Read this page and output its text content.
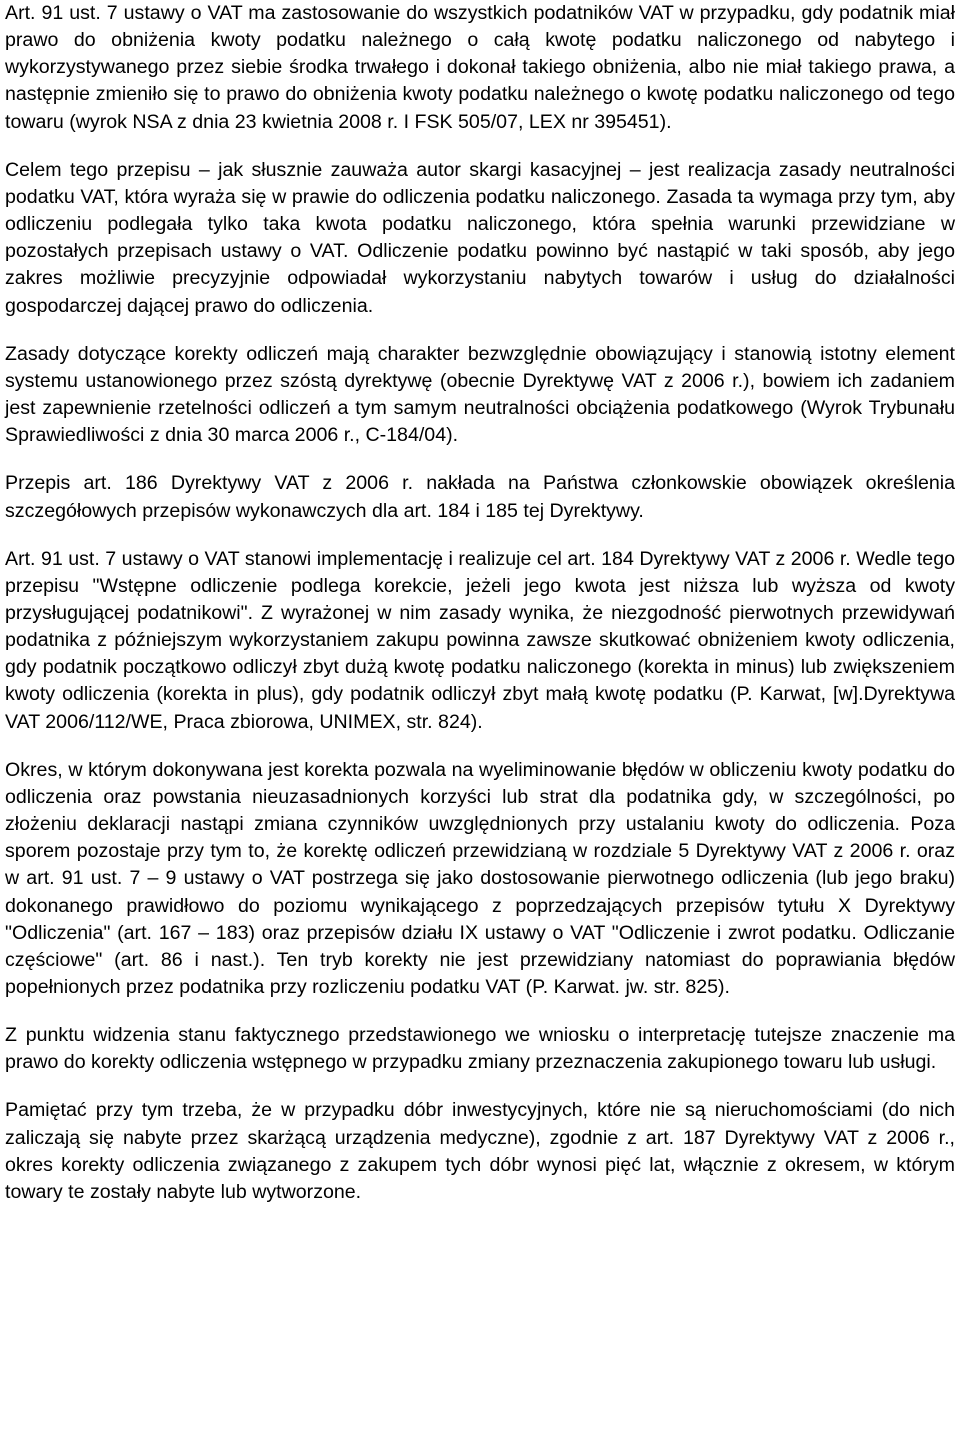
Art. 91 ust. 7 ustawy o VAT ma zastosowanie do wszystkich podatników VAT w przypadku, gdy podatnik miał prawo do obniżenia kwoty podatku należnego o całą kwotę podatku naliczonego od nabytego i wykorzystywanego przez siebie środka trwałego i dokonał takiego obniżenia, albo nie miał takiego prawa, a następnie zmieniło się to prawo do obniżenia kwoty podatku należnego o kwotę podatku naliczonego od tego towaru (wyrok NSA z dnia 23 kwietnia 2008 r. I FSK 505/07, LEX nr 395451).

Celem tego przepisu – jak słusznie zauważa autor skargi kasacyjnej – jest realizacja zasady neutralności podatku VAT, która wyraża się w prawie do odliczenia podatku naliczonego. Zasada ta wymaga przy tym, aby odliczeniu podlegała tylko taka kwota podatku naliczonego, która spełnia warunki przewidziane w pozostałych przepisach ustawy o VAT. Odliczenie podatku powinno być nastąpić w taki sposób, aby jego zakres możliwie precyzyjnie odpowiadał wykorzystaniu nabytych towarów i usług do działalności gospodarczej dającej prawo do odliczenia.

Zasady dotyczące korekty odliczeń mają charakter bezwzględnie obowiązujący i stanowią istotny element systemu ustanowionego przez szóstą dyrektywę (obecnie Dyrektywę VAT z 2006 r.), bowiem ich zadaniem jest zapewnienie rzetelności odliczeń a tym samym neutralności obciążenia podatkowego (Wyrok Trybunału Sprawiedliwości z dnia 30 marca 2006 r., C-184/04).

Przepis art. 186 Dyrektywy VAT z 2006 r. nakłada na Państwa członkowskie obowiązek określenia szczegółowych przepisów wykonawczych dla art. 184 i 185 tej Dyrektywy.

Art. 91 ust. 7 ustawy o VAT stanowi implementację i realizuje cel art. 184 Dyrektywy VAT z 2006 r. Wedle tego przepisu "Wstępne odliczenie podlega korekcie, jeżeli jego kwota jest niższa lub wyższa od kwoty przysługującej podatnikowi". Z wyrażonej w nim zasady wynika, że niezgodność pierwotnych przewidywań podatnika z późniejszym wykorzystaniem zakupu powinna zawsze skutkować obniżeniem kwoty odliczenia, gdy podatnik początkowo odliczył zbyt dużą kwotę podatku naliczonego (korekta in minus) lub zwiększeniem kwoty odliczenia (korekta in plus), gdy podatnik odliczył zbyt małą kwotę podatku (P. Karwat, [w].Dyrektywa VAT 2006/112/WE, Praca zbiorowa, UNIMEX, str. 824).

Okres, w którym dokonywana jest korekta pozwala na wyeliminowanie błędów w obliczeniu kwoty podatku do odliczenia oraz powstania nieuzasadnionych korzyści lub strat dla podatnika gdy, w szczególności, po złożeniu deklaracji nastąpi zmiana czynników uwzględnionych przy ustalaniu kwoty do odliczenia. Poza sporem pozostaje przy tym to, że korektę odliczeń przewidzianą w rozdziale 5 Dyrektywy VAT z 2006 r. oraz w art. 91 ust. 7 – 9 ustawy o VAT postrzega się jako dostosowanie pierwotnego odliczenia (lub jego braku) dokonanego prawidłowo do poziomu wynikającego z poprzedzających przepisów tytułu X Dyrektywy "Odliczenia" (art. 167 – 183) oraz przepisów działu IX ustawy o VAT "Odliczenie i zwrot podatku. Odliczanie częściowe" (art. 86 i nast.). Ten tryb korekty nie jest przewidziany natomiast do poprawiania błędów popełnionych przez podatnika przy rozliczeniu podatku VAT (P. Karwat. jw. str. 825).

Z punktu widzenia stanu faktycznego przedstawionego we wniosku o interpretację tutejsze znaczenie ma prawo do korekty odliczenia wstępnego w przypadku zmiany przeznaczenia zakupionego towaru lub usługi.

Pamiętać przy tym trzeba, że w przypadku dóbr inwestycyjnych, które nie są nieruchomościami (do nich zaliczają się nabyte przez skarżącą urządzenia medyczne), zgodnie z art. 187 Dyrektywy VAT z 2006 r., okres korekty odliczenia związanego z zakupem tych dóbr wynosi pięć lat, włącznie z okresem, w którym towary te zostały nabyte lub wytworzone.
